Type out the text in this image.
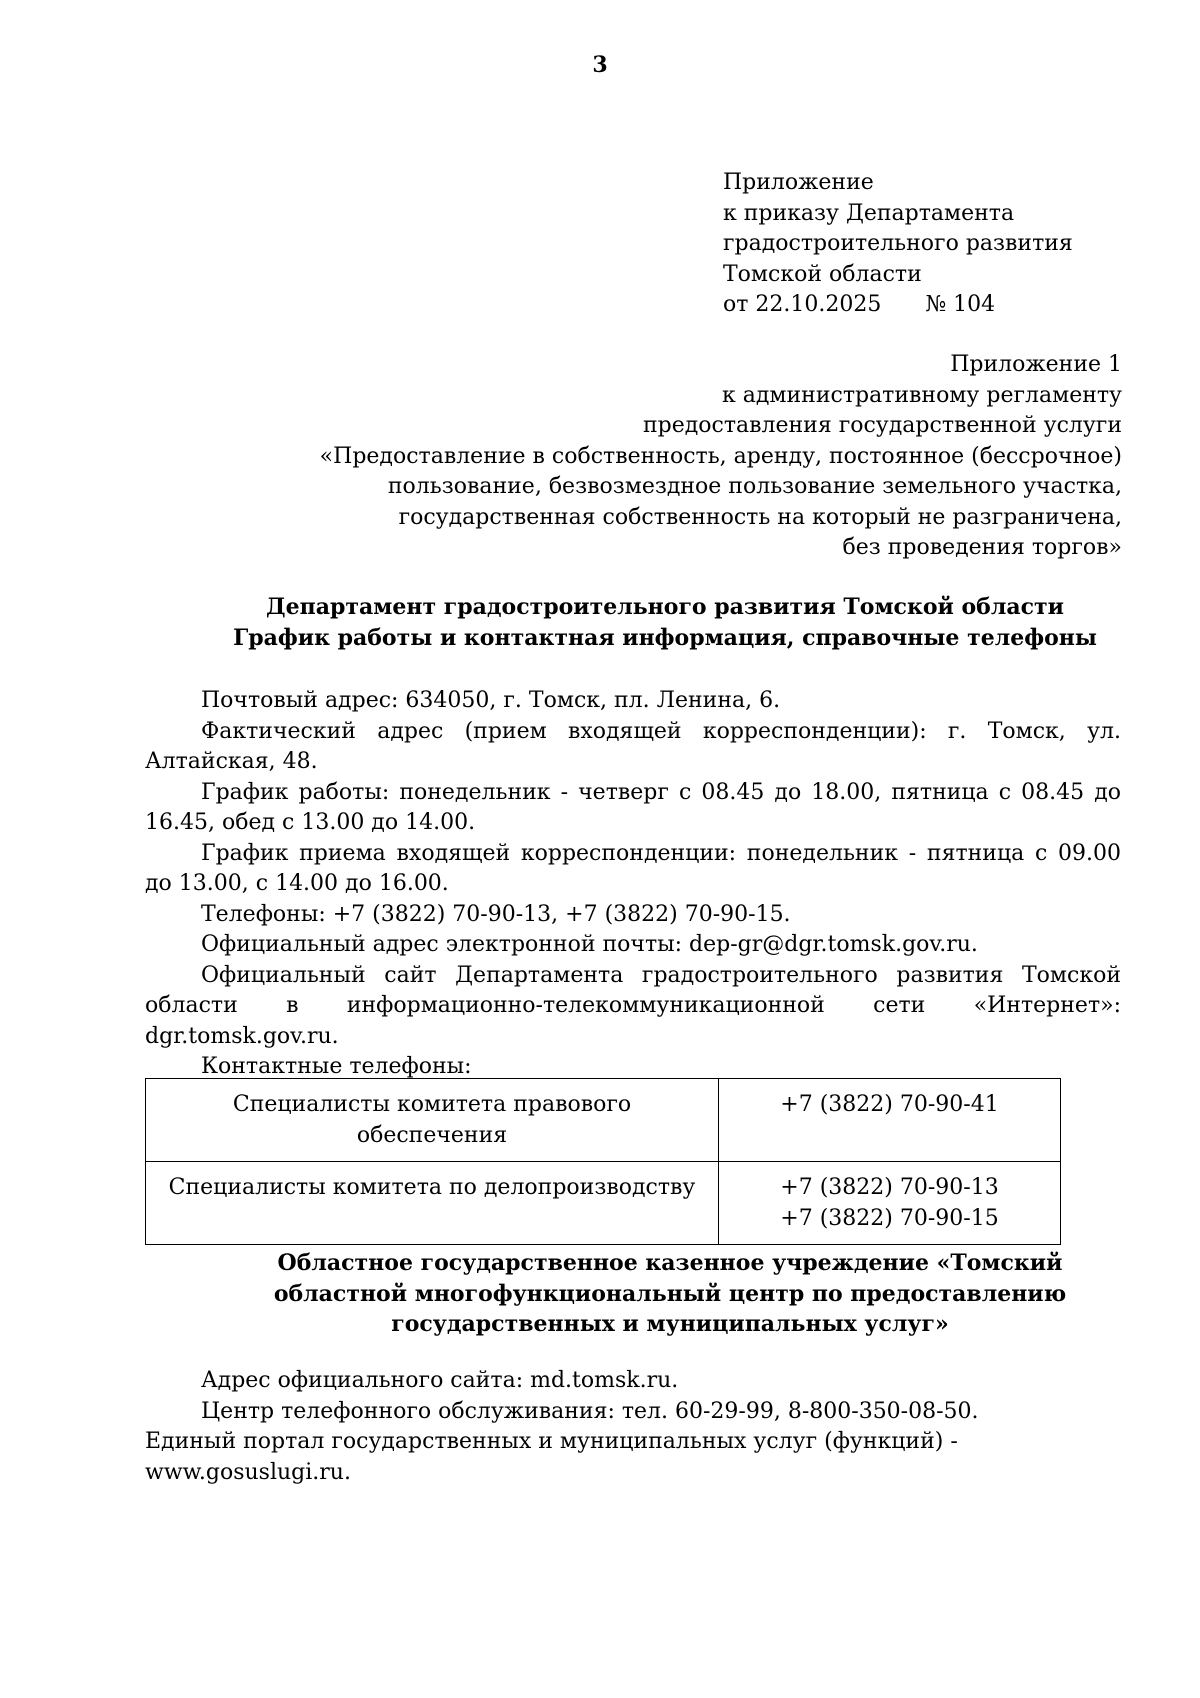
3
Приложение
к приказу Департамента
градостроительного развития
Томской области
от 22.10.2025 № 104
Приложение 1
к административному регламенту
предоставления государственной услуги
«Предоставление в собственность, аренду, постоянное (бессрочное)
пользование, безвозмездное пользование земельного участка,
государственная собственность на который не разграничена,
без проведения торгов»
Департамент градостроительного развития Томской области
График работы и контактная информация, справочные телефоны

Почтовый адрес: 634050, г. Томск, пл. Ленина, 6.

Фактический адрес (прием входящей корреспонденции): г. Томск, ул. Алтайская, 48.

График работы: понедельник - четверг с 08.45 до 18.00, пятница с 08.45 до 16.45, обед с 13.00 до 14.00.

График приема входящей корреспонденции: понедельник - пятница с 09.00 до 13.00, с 14.00 до 16.00.

Телефоны: +7 (3822) 70-90-13, +7 (3822) 70-90-15.

Официальный адрес электронной почты: dep-gr@dgr.tomsk.gov.ru.

Официальный сайт Департамента градостроительного развития Томской области в информационно-телекоммуникационной сети «Интернет»: dgr.tomsk.gov.ru.

Контактные телефоны:

Специалисты комитета правового обеспечения	+7 (3822) 70-90-41

Специалисты комитета по делопроизводству	+7 (3822) 70-90-13
+7 (3822) 70-90-15
Областное государственное казенное учреждение «Томский
областной многофункциональный центр по предоставлению
государственных и муниципальных услуг»

Адрес официального сайта: md.tomsk.ru.

Центр телефонного обслуживания: тел. 60-29-99, 8-800-350-08-50.

Единый портал государственных и муниципальных услуг (функций) -

www.gosuslugi.ru.
